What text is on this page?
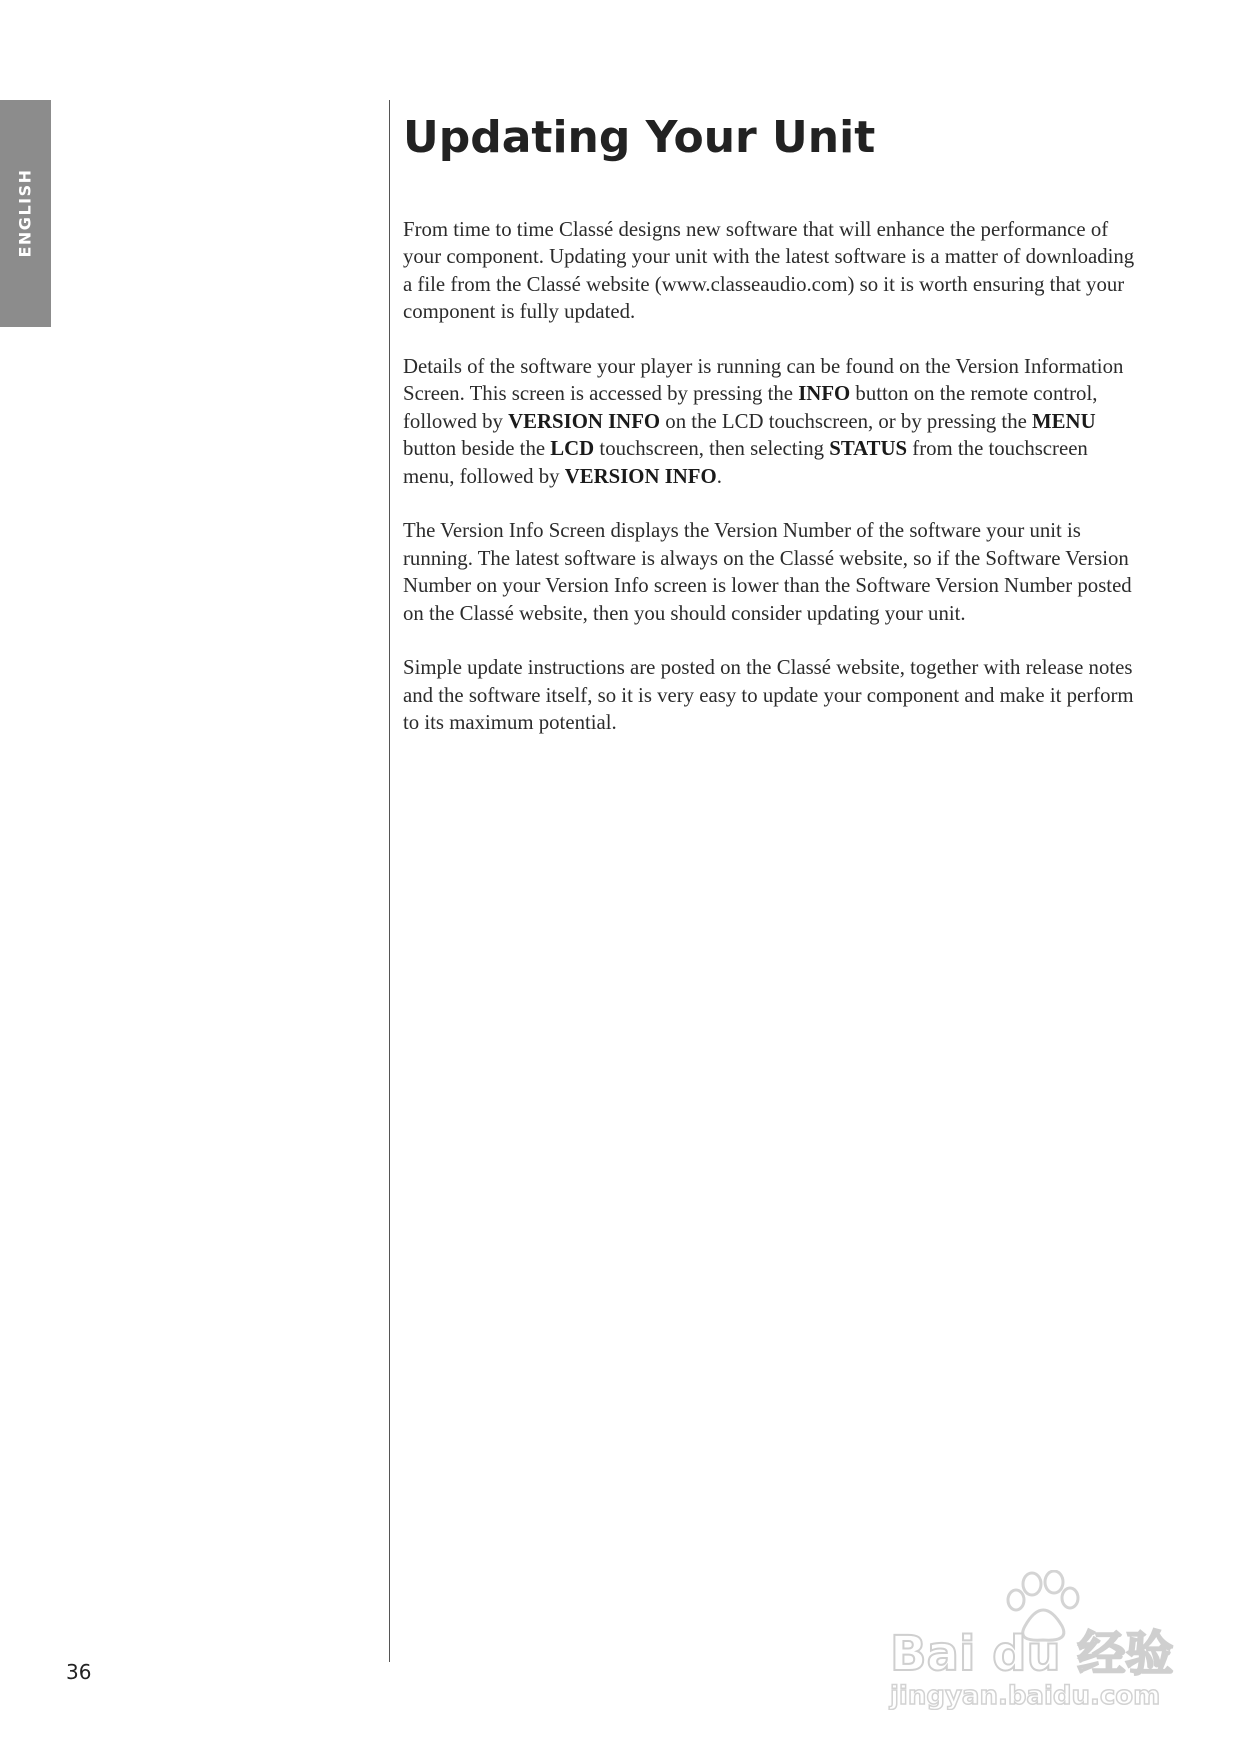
ENGLISH
Updating Your Unit

From time to time Classé designs new software that will enhance the performance of your component. Updating your unit with the latest software is a matter of downloading a file from the Classé website (www.classeaudio.com) so it is worth ensuring that your component is fully updated.

Details of the software your player is running can be found on the Version Information Screen. This screen is accessed by pressing the INFO button on the remote control, followed by VERSION INFO on the LCD touchscreen, or by pressing the MENU button beside the LCD touchscreen, then selecting STATUS from the touchscreen menu, followed by VERSION INFO.

The Version Info Screen displays the Version Number of the software your unit is running. The latest software is always on the Classé website, so if the Software Version Number on your Version Info screen is lower than the Software Version Number posted on the Classé website, then you should consider updating your unit.

Simple update instructions are posted on the Classé website, together with release notes and the software itself, so it is very easy to update your component and make it perform to its maximum potential.

36	Bai du 经验
jingyan.baidu.com
